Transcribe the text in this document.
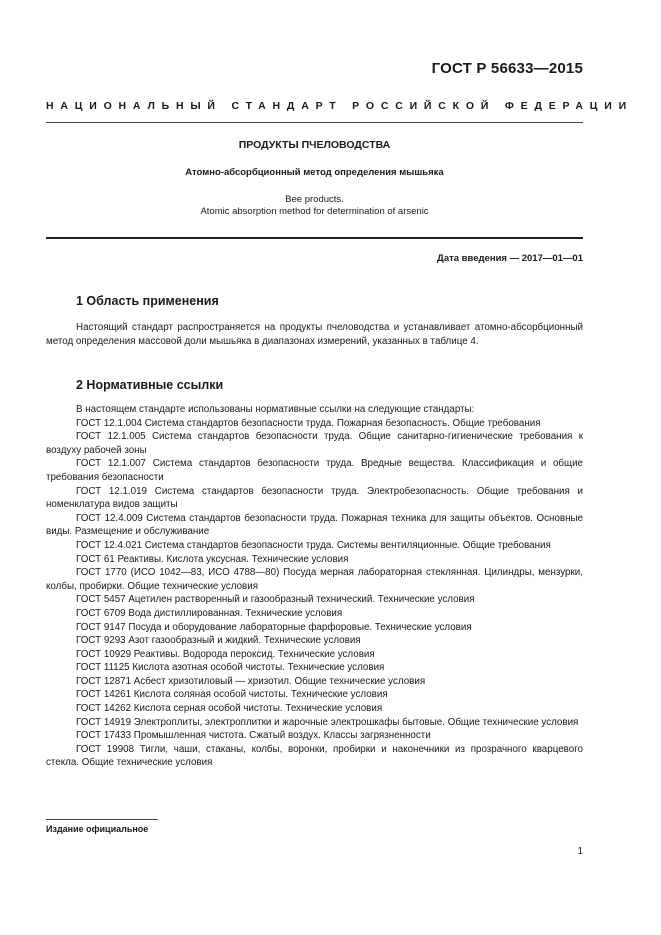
ГОСТ Р 56633—2015
НАЦИОНАЛЬНЫЙ СТАНДАРТ РОССИЙСКОЙ ФЕДЕРАЦИИ
ПРОДУКТЫ ПЧЕЛОВОДСТВА
Атомно-абсорбционный метод определения мышьяка
Bee products.
Atomic absorption method for determination of arsenic
Дата введения — 2017—01—01
1 Область применения

Настоящий стандарт распространяется на продукты пчеловодства и устанавливает атомно-абсорбционный метод определения массовой доли мышьяка в диапазонах измерений, указанных в таблице 4.

2 Нормативные ссылки

В настоящем стандарте использованы нормативные ссылки на следующие стандарты:

ГОСТ 12.1.004 Система стандартов безопасности труда. Пожарная безопасность. Общие требования

ГОСТ 12.1.005 Система стандартов безопасности труда. Общие санитарно-гигиенические требования к воздуху рабочей зоны

ГОСТ 12.1.007 Система стандартов безопасности труда. Вредные вещества. Классификация и общие требования безопасности

ГОСТ 12.1.019 Система стандартов безопасности труда. Электробезопасность. Общие требования и номенклатура видов защиты

ГОСТ 12.4.009 Система стандартов безопасности труда. Пожарная техника для защиты объектов. Основные виды. Размещение и обслуживание

ГОСТ 12.4.021 Система стандартов безопасности труда. Системы вентиляционные. Общие требования

ГОСТ 61 Реактивы. Кислота уксусная. Технические условия

ГОСТ 1770 (ИСО 1042—83, ИСО 4788—80) Посуда мерная лабораторная стеклянная. Цилиндры, мензурки, колбы, пробирки. Общие технические условия

ГОСТ 5457 Ацетилен растворенный и газообразный технический. Технические условия

ГОСТ 6709 Вода дистиллированная. Технические условия

ГОСТ 9147 Посуда и оборудование лабораторные фарфоровые. Технические условия

ГОСТ 9293 Азот газообразный и жидкий. Технические условия

ГОСТ 10929 Реактивы. Водорода пероксид. Технические условия

ГОСТ 11125 Кислота азотная особой чистоты. Технические условия

ГОСТ 12871 Асбест хризотиловый — хризотил. Общие технические условия

ГОСТ 14261 Кислота соляная особой чистоты. Технические условия

ГОСТ 14262 Кислота серная особой чистоты. Технические условия

ГОСТ 14919 Электроплиты, электроплитки и жарочные электрошкафы бытовые. Общие технические условия

ГОСТ 17433 Промышленная чистота. Сжатый воздух. Классы загрязненности

ГОСТ 19908 Тигли, чаши, стаканы, колбы, воронки, пробирки и наконечники из прозрачного кварцевого стекла. Общие технические условия

Издание официальное
1
